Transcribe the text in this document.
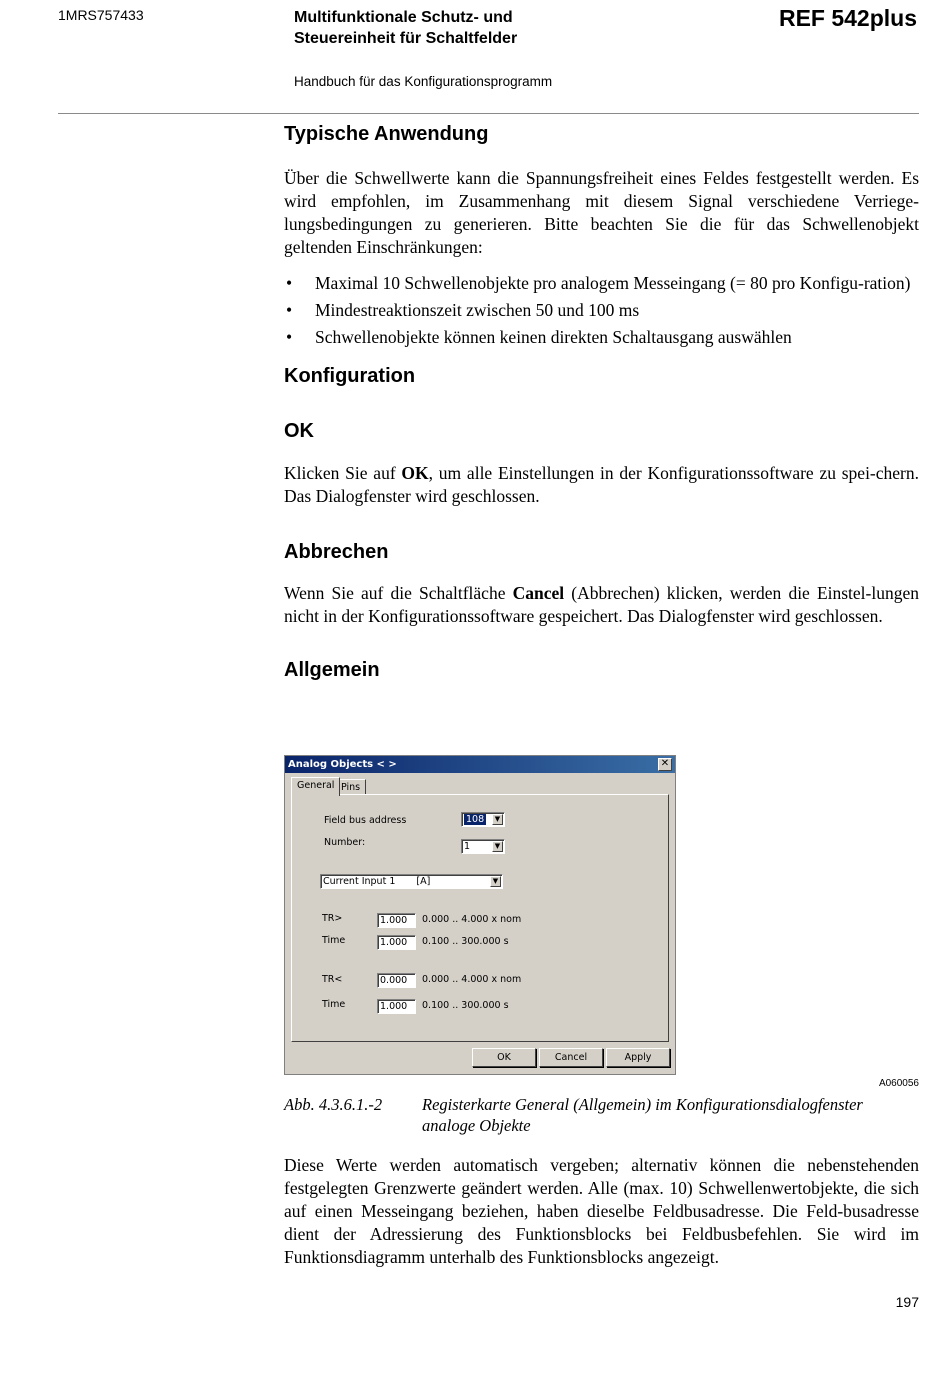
1MRS757433	Multifunktionale Schutz- und
Steuereinheit für Schaltfelder
REF 542plus
Handbuch für das Konfigurationsprogramm
Typische Anwendung

Über die Schwellwerte kann die Spannungsfreiheit eines Feldes festgestellt werden. Es wird empfohlen, im Zusammenhang mit diesem Signal verschiedene Verriege-lungsbedingungen zu generieren. Bitte beachten Sie die für das Schwellenobjekt geltenden Einschränkungen:

• Maximal 10 Schwellenobjekte pro analogem Messeingang (= 80 pro Konfigu-ration)
• Mindestreaktionszeit zwischen 50 und 100 ms
• Schwellenobjekte können keinen direkten Schaltausgang auswählen
Konfiguration
OK

Klicken Sie auf OK, um alle Einstellungen in der Konfigurationssoftware zu spei-chern. Das Dialogfenster wird geschlossen.

Abbrechen

Wenn Sie auf die Schaltfläche Cancel (Abbrechen) klicken, werden die Einstel-lungen nicht in der Konfigurationssoftware gespeichert. Das Dialogfenster wird geschlossen.

Allgemein
Analog Objects < >	✕
General Pins
Field bus address	108	▼
Number:	1	▼
Current Input 1 [A]	▼
TR>	1.000	0.000 .. 4.000 x nom
Time	1.000	0.100 .. 300.000 s
TR<	0.000	0.000 .. 4.000 x nom
Time	1.000	0.100 .. 300.000 s
OK	Cancel	Apply
A060056
Abb. 4.3.6.1.-2 Registerkarte General (Allgemein) im Konfigurationsdialogfenster analoge Objekte

Diese Werte werden automatisch vergeben; alternativ können die nebenstehenden festgelegten Grenzwerte geändert werden. Alle (max. 10) Schwellenwertobjekte, die sich auf einen Messeingang beziehen, haben dieselbe Feldbusadresse. Die Feld-busadresse dient der Adressierung des Funktionsblocks bei Feldbusbefehlen. Sie wird im Funktionsdiagramm unterhalb des Funktionsblocks angezeigt.

197
